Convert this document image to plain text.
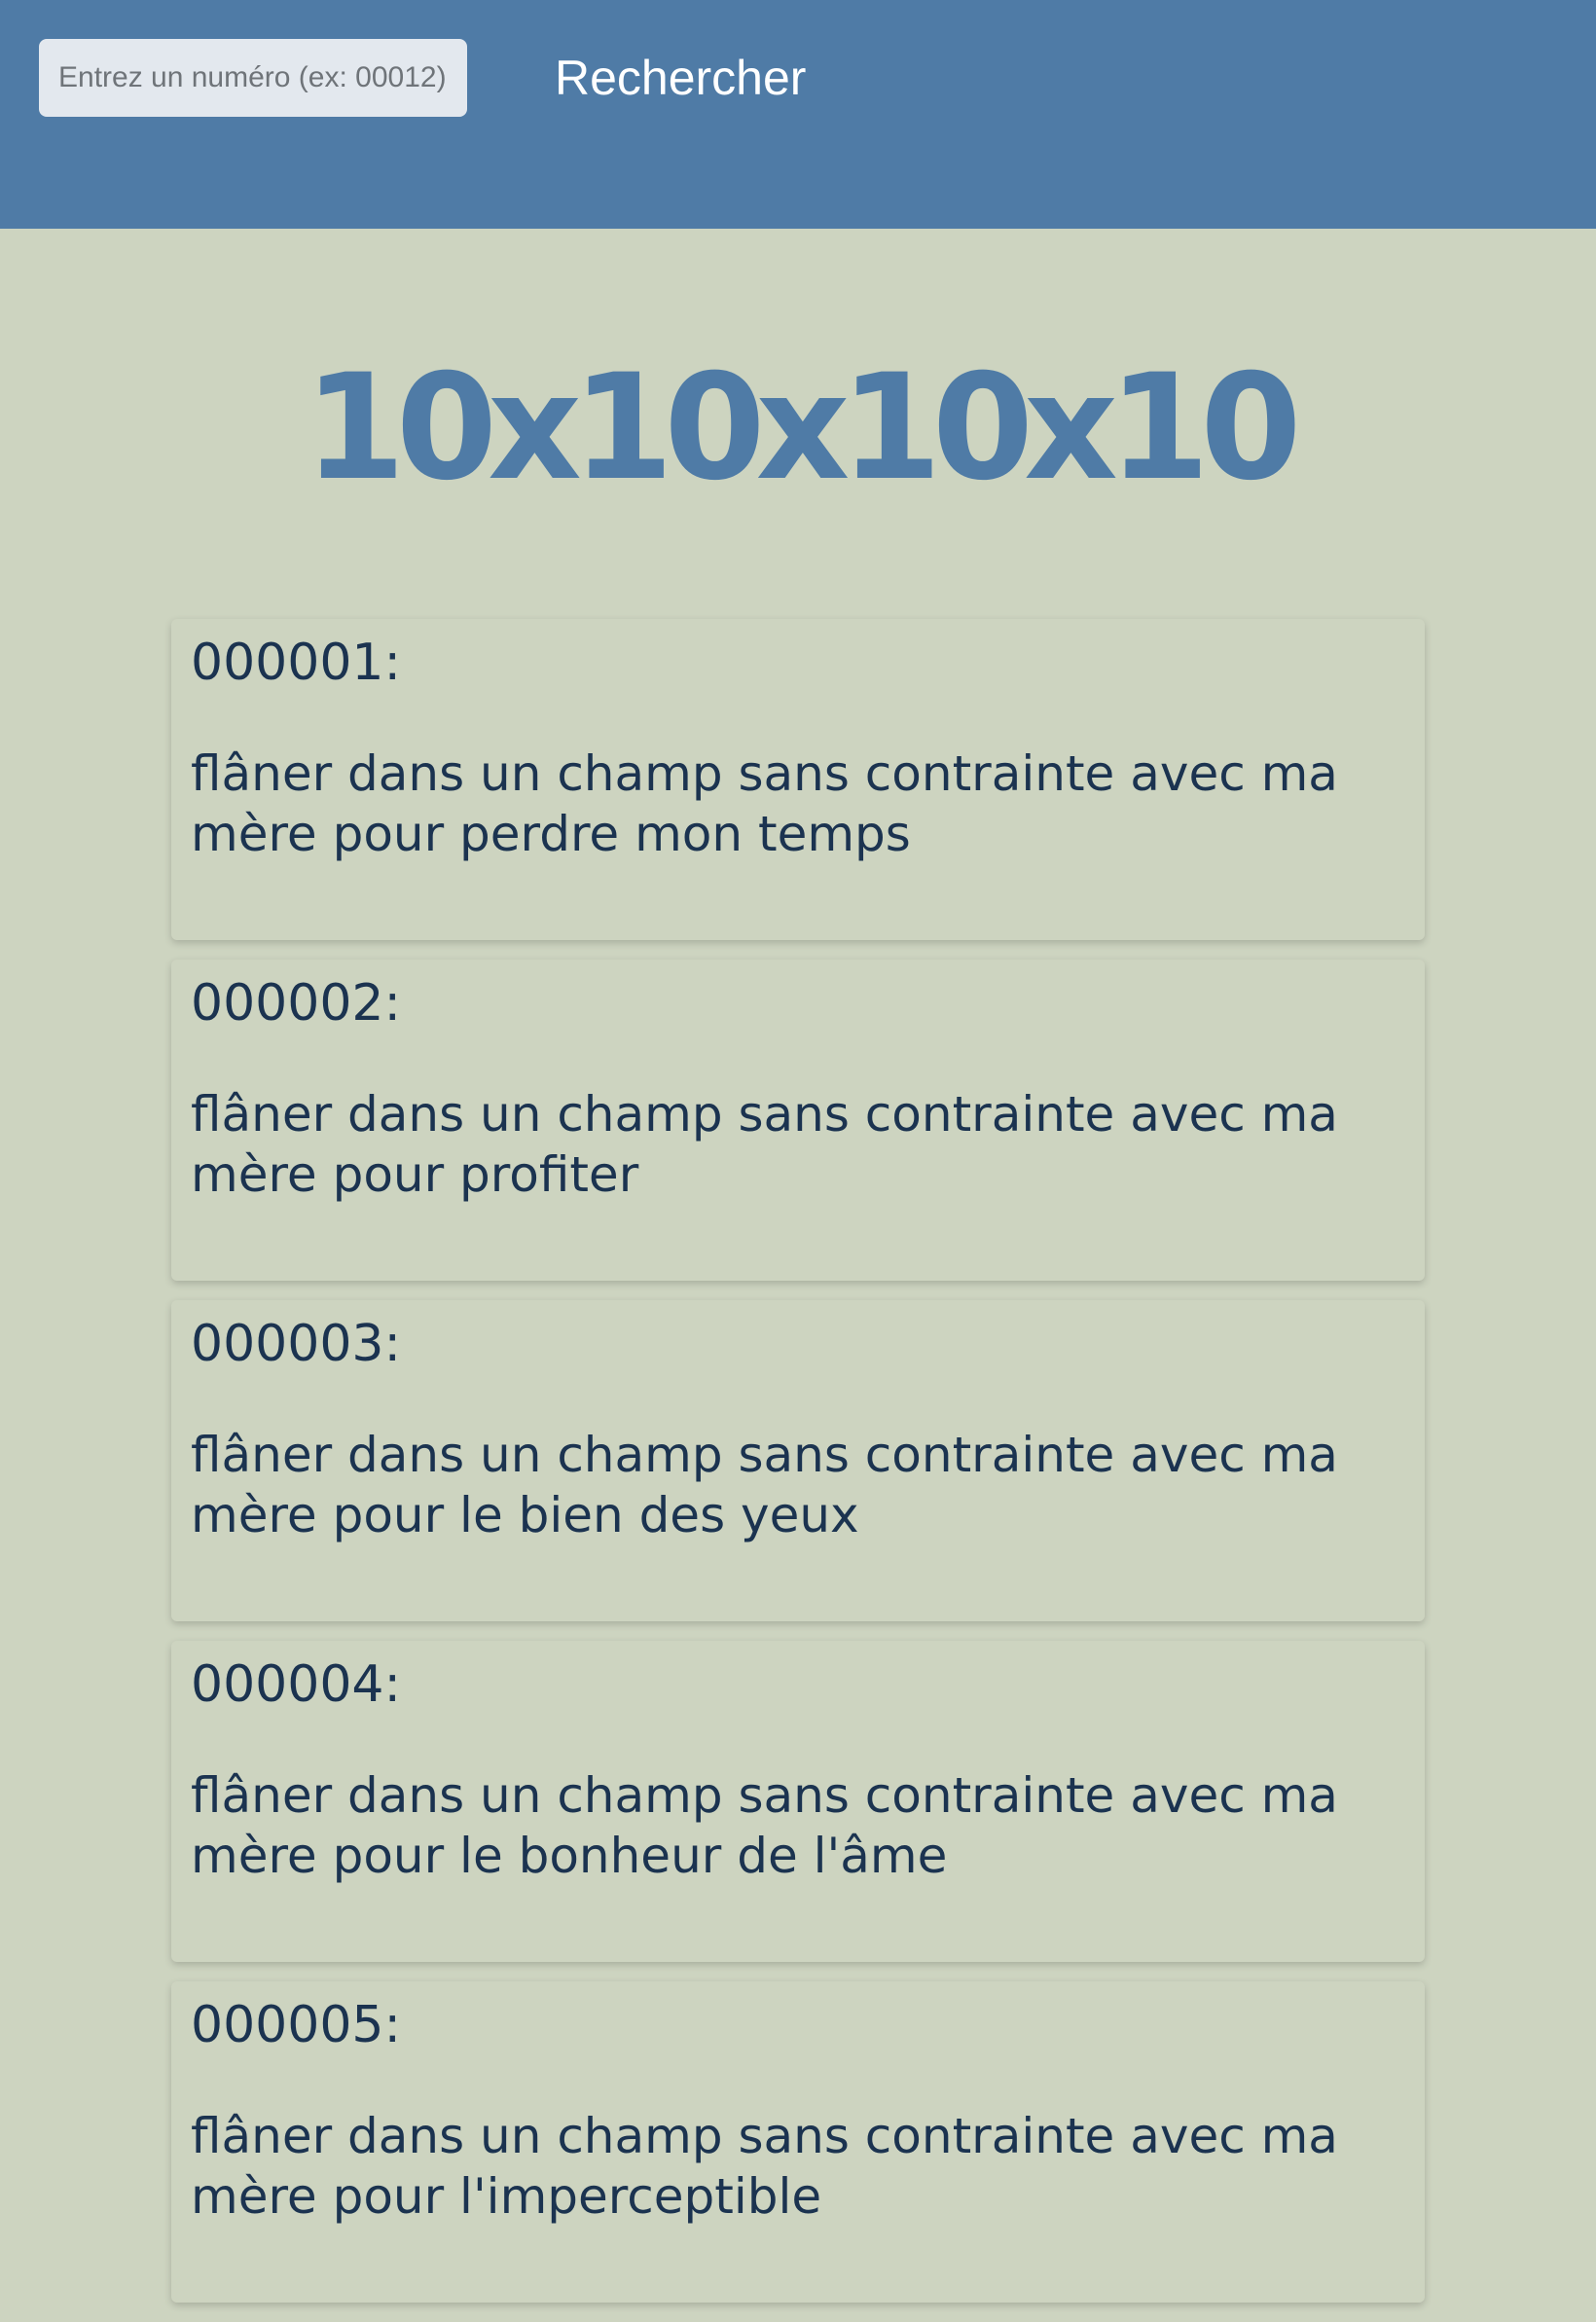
Entrez un numéro (ex: 00012)
Rechercher
10x10x10x10

000001:

flâner dans un champ sans contrainte avec ma mère pour perdre mon temps

000002:

flâner dans un champ sans contrainte avec ma mère pour profiter

000003:

flâner dans un champ sans contrainte avec ma mère pour le bien des yeux

000004:

flâner dans un champ sans contrainte avec ma mère pour le bonheur de l'âme

000005:

flâner dans un champ sans contrainte avec ma mère pour l'imperceptible
